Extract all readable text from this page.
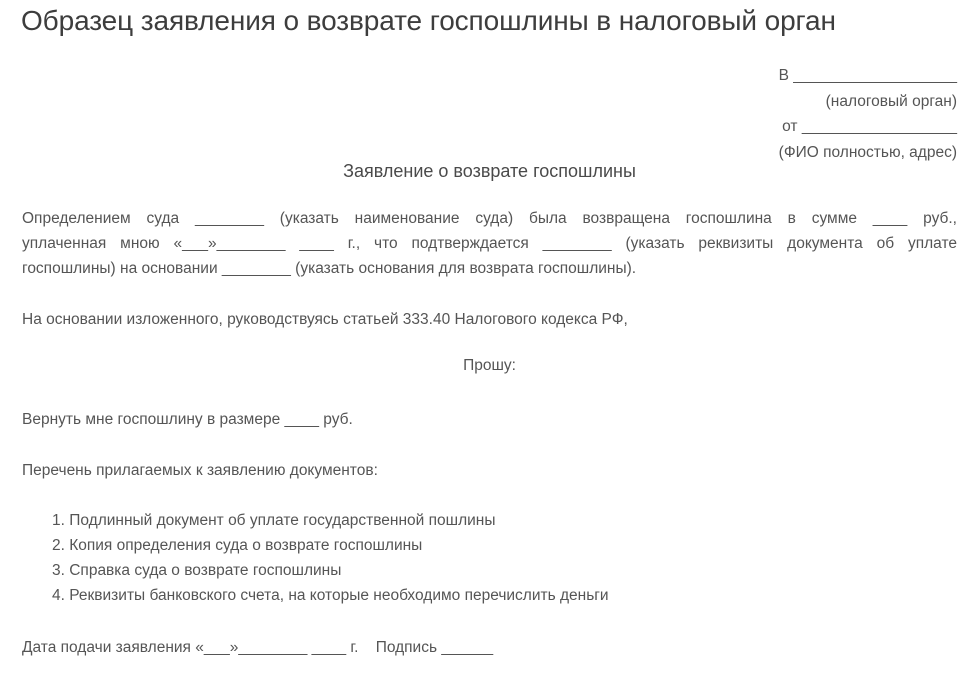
Образец заявления о возврате госпошлины в налоговый орган
В ___________________
(налоговый орган)
от __________________
(ФИО полностью, адрес)
Заявление о возврате госпошлины
Определением суда ________ (указать наименование суда) была возвращена госпошлина в сумме ____ руб.,
уплаченная мною «___»________ ____ г., что подтверждается ________ (указать реквизиты документа об уплате
госпошлины) на основании ________ (указать основания для возврата госпошлины).
На основании изложенного, руководствуясь статьей 333.40 Налогового кодекса РФ,
Прошу:
Вернуть мне госпошлину в размере ____ руб.
Перечень прилагаемых к заявлению документов:
1. Подлинный документ об уплате государственной пошлины
2. Копия определения суда о возврате госпошлины
3. Справка суда о возврате госпошлины
4. Реквизиты банковского счета, на которые необходимо перечислить деньги
Дата подачи заявления «___»________ ____ г.    Подпись ______
